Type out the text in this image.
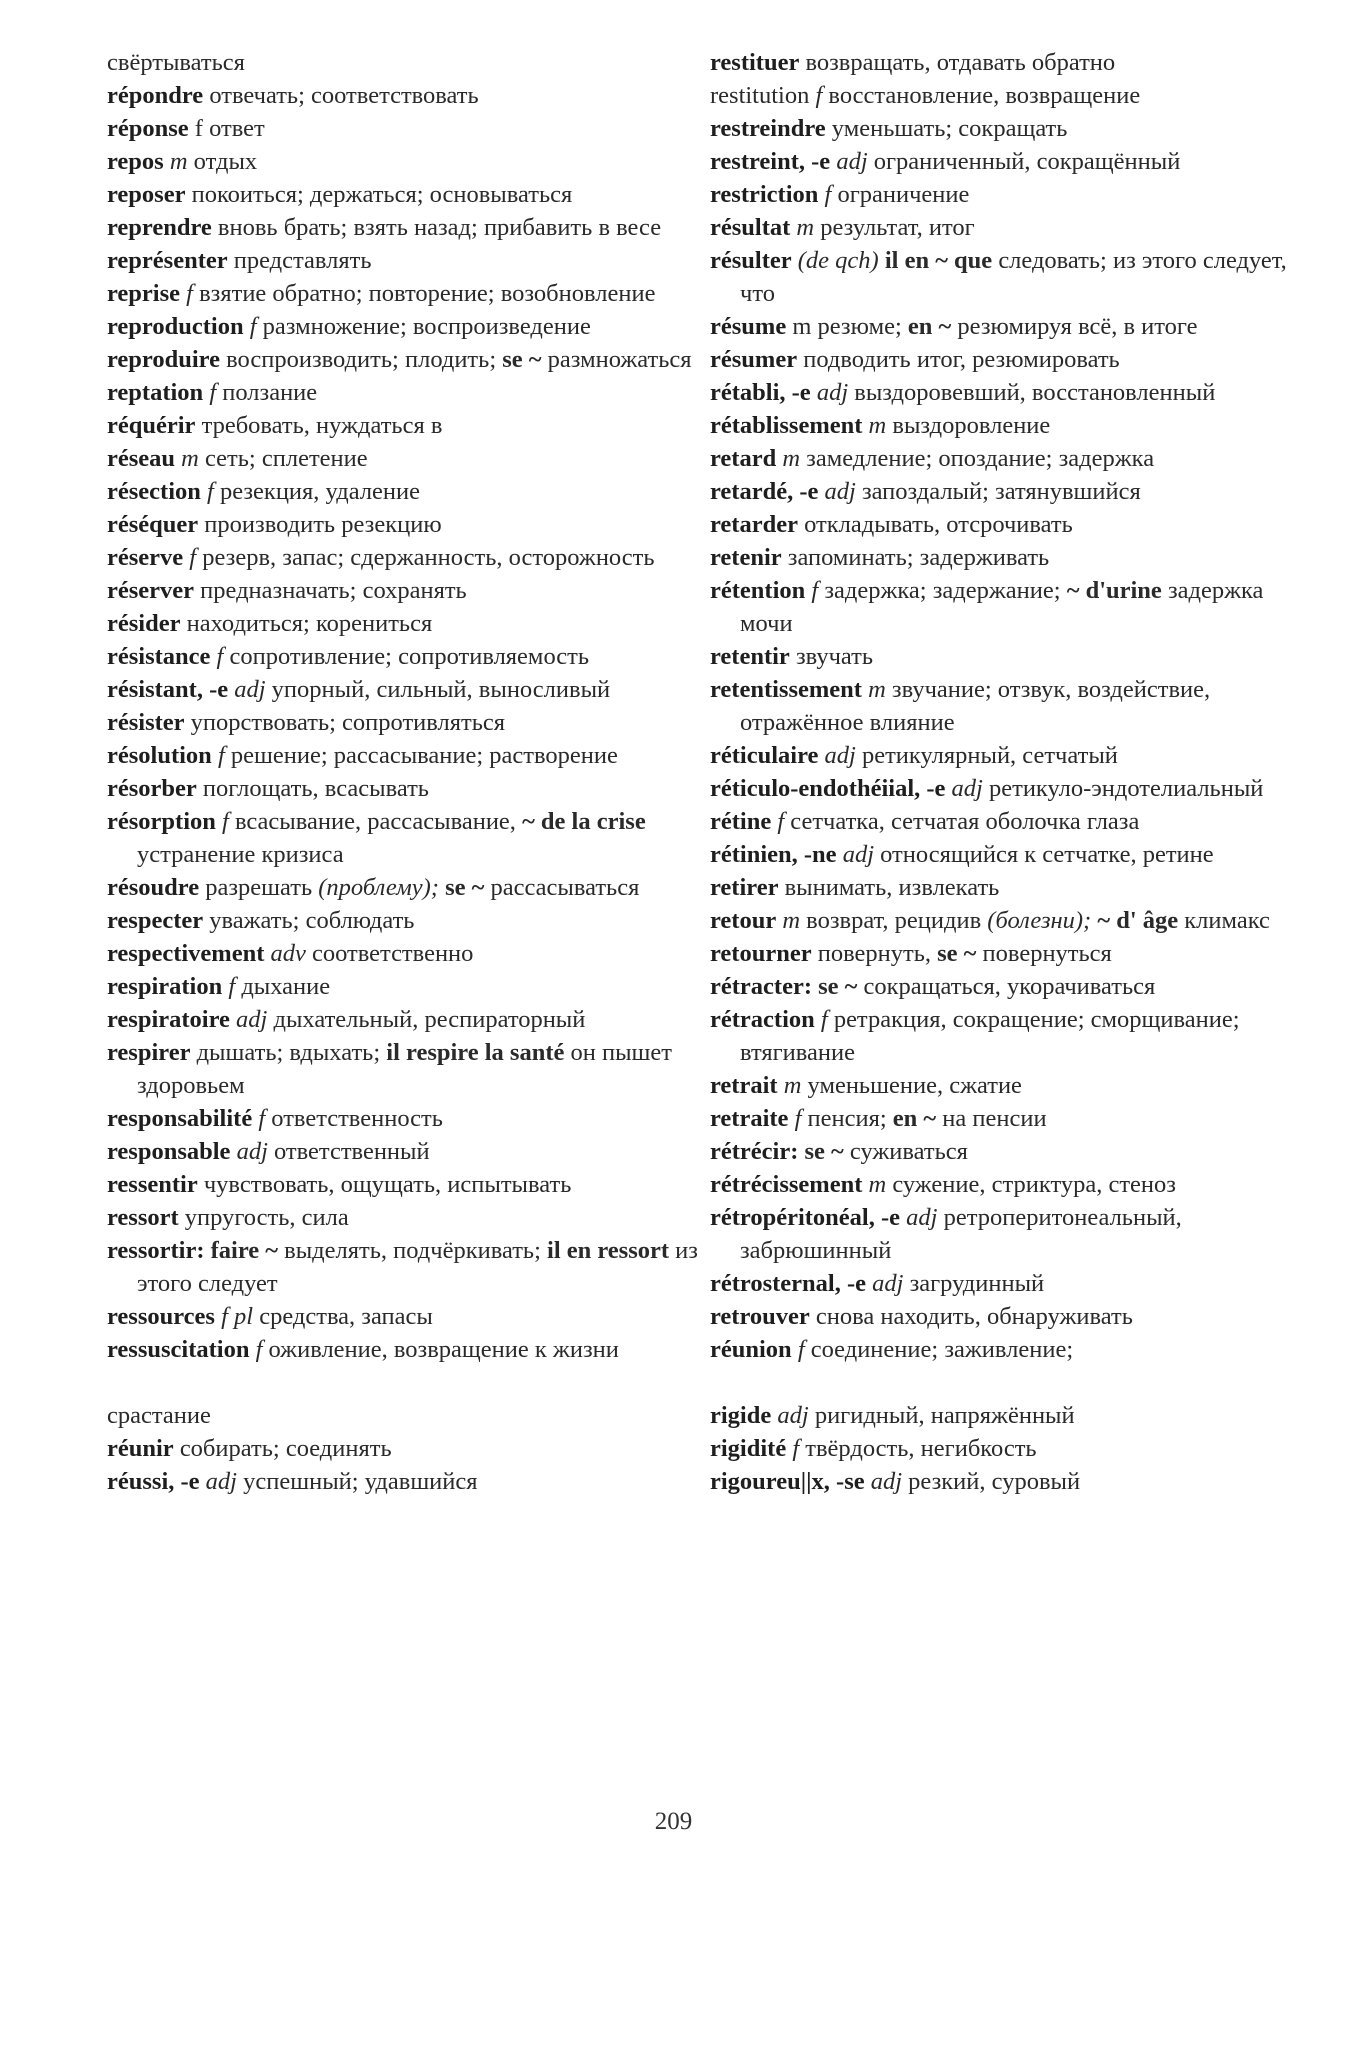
свёртываться
répondre отвечать; соответствовать
réponse f ответ
repos m отдых
reposer покоиться; держаться; основываться
reprendre вновь брать; взять назад; прибавить в весе
représenter представлять
reprise f взятие обратно; повторение; возобновление
reproduction f размножение; воспроизведение
reproduire воспроизводить; плодить; se ~ размножаться
reptation f ползание
réquérir требовать, нуждаться в
réseau m сеть; сплетение
résection f резекция, удаление
réséquer производить резекцию
réserve f резерв, запас; сдержанность, осторожность
réserver предназначать; сохранять
résider находиться; корениться
résistance f сопротивление; сопротивляемость
résistant, -e adj упорный, сильный, выносливый
résister упорствовать; сопротивляться
résolution f решение; рассасывание; растворение
résorber поглощать, всасывать
résorption f всасывание, рассасывание, ~ de la crise устранение кризиса
résoudre разрешать (проблему); se ~ рассасываться
respecter уважать; соблюдать
respectivement adv соответственно
respiration f дыхание
respiratoire adj дыхательный, респираторный
respirer дышать; вдыхать; il respire la santé он пышет здоровьем
responsabilité f ответственность
responsable adj ответственный
ressentir чувствовать, ощущать, испытывать
ressort упругость, сила
ressortir: faire ~ выделять, подчёркивать; il en ressort из этого следует
ressources f pl средства, запасы
ressuscitation f оживление, возвращение к жизни
срастание
réunir собирать; соединять
réussi, -e adj успешный; удавшийся
restituer возвращать, отдавать обратно
restitution f восстановление, возвращение
restreindre уменьшать; сокращать
restreint, -e adj ограниченный, сокращённый
restriction f ограничение
résultat m результат, итог
résulter (de qch) il en ~ que следовать; из этого следует, что
résume m резюме; en ~ резюмируя всё, в итоге
résumer подводить итог, резюмировать
rétabli, -e adj выздоровевший, восстановленный
rétablissement m выздоровление
retard m замедление; опоздание; задержка
retardé, -e adj запоздалый; затянувшийся
retarder откладывать, отсрочивать
retenir запоминать; задерживать
rétention f задержка; задержание; ~ d'urine задержка мочи
retentir звучать
retentissement m звучание; отзвук, воздействие, отражённое влияние
réticulaire adj ретикулярный, сетчатый
réticulo-endothéiial, -e adj ретикуло-эндотелиальный
rétine f сетчатка, сетчатая оболочка глаза
rétinien, -ne adj относящийся к сетчатке, ретине
retirer вынимать, извлекать
retour m возврат, рецидив (болезни); ~ d' âge климакс
retourner повернуть, se ~ повернуться
rétracter: se ~ сокращаться, укорачиваться
rétraction f ретракция, сокращение; сморщивание; втягивание
retrait m уменьшение, сжатие
retraite f пенсия; en ~ на пенсии
rétrécir: se ~ суживаться
rétrécissement m сужение, стриктура, стеноз
rétropéritonéal, -e adj ретроперитонеальный, забрюшинный
rétrosternal, -e adj загрудинный
retrouver снова находить, обнаруживать
réunion f соединение; заживление;
rigide adj ригидный, напряжённый
rigidité f твёрдость, негибкость
rigoureu||x, -se adj резкий, суровый
209
